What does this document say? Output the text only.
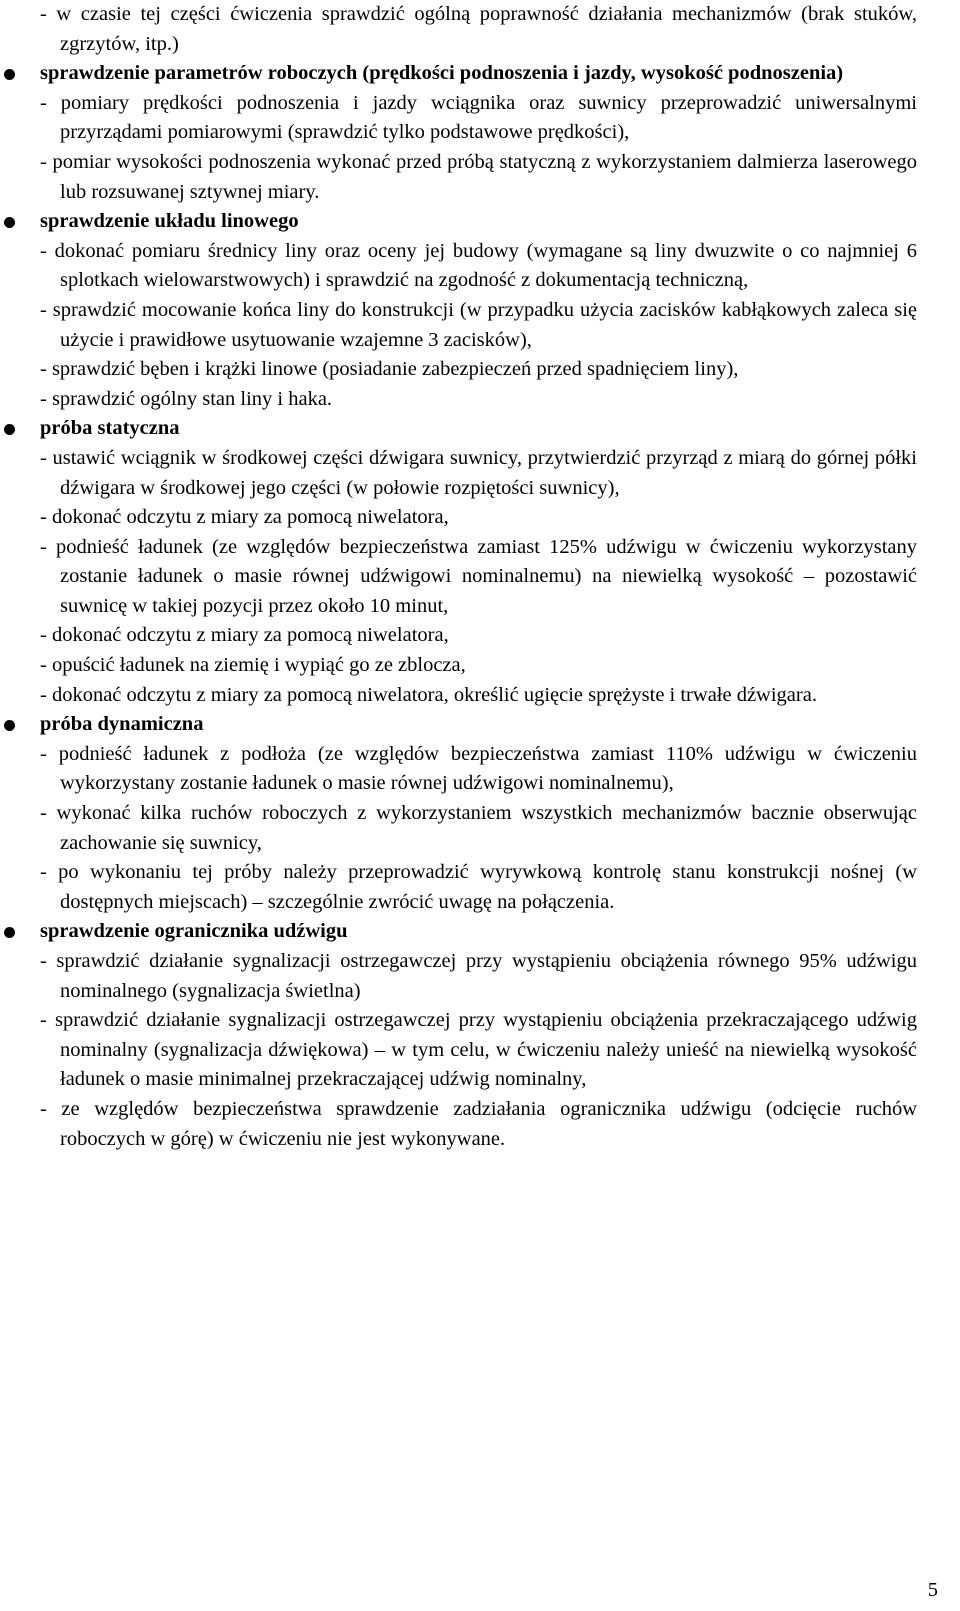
- w czasie tej części ćwiczenia sprawdzić ogólną poprawność działania mechanizmów (brak stuków, zgrzytów, itp.)
sprawdzenie parametrów roboczych (prędkości podnoszenia i jazdy, wysokość podnoszenia)
- pomiary prędkości podnoszenia i jazdy wciągnika oraz suwnicy przeprowadzić uniwersalnymi przyrządami pomiarowymi (sprawdzić tylko podstawowe prędkości),
- pomiar wysokości podnoszenia wykonać przed próbą statyczną z wykorzystaniem dalmierza laserowego lub rozsuwanej sztywnej miary.
sprawdzenie układu linowego
- dokonać pomiaru średnicy liny oraz oceny jej budowy (wymagane są liny dwuzwite o co najmniej 6 splotkach wielowarstwowych) i sprawdzić na zgodność z dokumentacją techniczną,
- sprawdzić mocowanie końca liny do konstrukcji (w przypadku użycia zacisków kabłąkowych zaleca się użycie i prawidłowe usytuowanie wzajemne 3 zacisków),
- sprawdzić bęben i krążki linowe (posiadanie zabezpieczeń przed spadnięciem liny),
- sprawdzić ogólny stan liny i haka.
próba statyczna
- ustawić wciągnik w środkowej części dźwigara suwnicy, przytwierdzić przyrząd z miarą do górnej półki dźwigara w środkowej jego części (w połowie rozpiętości suwnicy),
- dokonać odczytu z miary za pomocą niwelatora,
- podnieść ładunek (ze względów bezpieczeństwa zamiast 125% udźwigu w ćwiczeniu wykorzystany zostanie ładunek o masie równej udźwigowi nominalnemu) na niewielką wysokość – pozostawić suwnicę w takiej pozycji przez około 10 minut,
- dokonać odczytu z miary za pomocą niwelatora,
- opuścić ładunek na ziemię i wypiąć go ze zblocza,
- dokonać odczytu z miary za pomocą niwelatora, określić ugięcie sprężyste i trwałe dźwigara.
próba dynamiczna
- podnieść ładunek z podłoża (ze względów bezpieczeństwa zamiast 110% udźwigu w ćwiczeniu wykorzystany zostanie ładunek o masie równej udźwigowi nominalnemu),
- wykonać kilka ruchów roboczych z wykorzystaniem wszystkich mechanizmów bacznie obserwując zachowanie się suwnicy,
- po wykonaniu tej próby należy przeprowadzić wyrywkową kontrolę stanu konstrukcji nośnej (w dostępnych miejscach) – szczególnie zwrócić uwagę na połączenia.
sprawdzenie ogranicznika udźwigu
- sprawdzić działanie sygnalizacji ostrzegawczej przy wystąpieniu obciążenia równego 95% udźwigu nominalnego (sygnalizacja świetlna)
- sprawdzić działanie sygnalizacji ostrzegawczej przy wystąpieniu obciążenia przekraczającego udźwig nominalny (sygnalizacja dźwiękowa) – w tym celu, w ćwiczeniu należy unieść na niewielką wysokość ładunek o masie minimalnej przekraczającej udźwig nominalny,
- ze względów bezpieczeństwa sprawdzenie zadziałania ogranicznika udźwigu (odcięcie ruchów roboczych w górę) w ćwiczeniu nie jest wykonywane.
5
